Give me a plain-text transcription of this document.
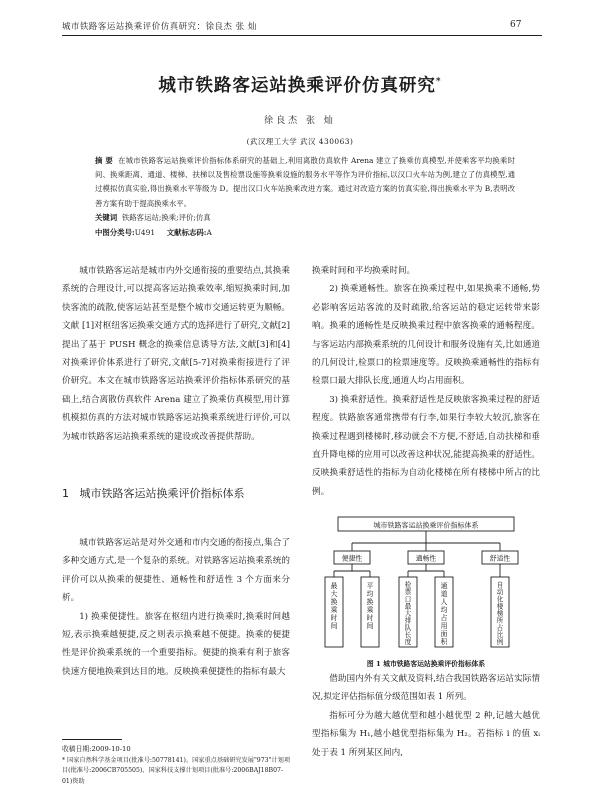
城市铁路客运站换乘评价仿真研究：徐良杰 张 灿	67
城市铁路客运站换乘评价仿真研究*
徐良杰 张 灿
(武汉理工大学 武汉 430063)
摘 要 在城市铁路客运站换乘评价指标体系研究的基础上,利用离散仿真软件 Arena 建立了换乘仿真模型,并使乘客平均换乘时间、换乘距离、通道、楼梯、扶梯以及售检票设施等换乘设施的服务水平等作为评价指标,以汉口火车站为例,建立了仿真模型,通过模拟仿真实验,得出换乘水平等级为 D。提出汉口火车站换乘改进方案。通过对改造方案的仿真实验,得出换乘水平为 B,表明改善方案有助于提高换乘水平。
关键词 铁路客运站;换乘;评价;仿真
中图分类号:U491 文献标志码:A

城市铁路客运站是城市内外交通衔接的重要结点,其换乘系统的合理设计,可以提高客运站换乘效率,缩短换乘时间,加快客流的疏散,使客运站甚至是整个城市交通运转更为顺畅。文献 [1]对枢纽客运换乘交通方式的选择进行了研究,文献[2]提出了基于 PUSH 概念的换乘信息诱导方法,文献[3]和[4]对换乘评价体系进行了研究,文献[5-7]对换乘衔接进行了评价研究。本文在城市铁路客运站换乘评价指标体系研究的基础上,结合离散仿真软件 Arena 建立了换乘仿真模型,用计算机模拟仿真的方法对城市铁路客运站换乘系统进行评价,可以为城市铁路客运站换乘系统的建设或改善提供帮助。

1 城市铁路客运站换乘评价指标体系

城市铁路客运站是对外交通和市内交通的衔接点,集合了多种交通方式,是一个复杂的系统。对铁路客运站换乘系统的评价可以从换乘的便捷性、通畅性和舒适性 3 个方面来分析。

1) 换乘便捷性。旅客在枢纽内进行换乘时,换乘时间越短,表示换乘越便捷,反之则表示换乘越不便捷。换乘的便捷性是评价换乘系统的一个重要指标。便捷的换乘有利于旅客快速方便地换乘到达目的地。反映换乘便捷性的指标有最大

收稿日期:2009-10-10
* 国家自然科学基金项目(批准号:50778141)、国家重点基础研究发展"973"计划项目(批准号:2006CB705505)、国家科技支撑计划项目(批准号:2006BAJ18B07-01)资助

换乘时间和平均换乘时间。

2) 换乘通畅性。旅客在换乘过程中,如果换乘不通畅,势必影响客运站客流的及时疏散,给客运站的稳定运转带来影响。换乘的通畅性是反映换乘过程中旅客换乘的通畅程度。与客运站内部换乘系统的几何设计和服务设施有关,比如通道的几何设计,检票口的检票速度等。反映换乘通畅性的指标有检票口最大排队长度,通道人均占用面积。

3) 换乘舒适性。换乘舒适性是反映旅客换乘过程的舒适程度。铁路旅客通常携带有行李,如果行李较大较沉,旅客在换乘过程遇到楼梯时,移动就会不方便,不舒适,自动扶梯和垂直升降电梯的应用可以改善这种状况,能提高换乘的舒适性。反映换乘舒适性的指标为自动化楼梯在所有楼梯中所占的比例。

城市铁路客运站换乘评价指标体系
便捷性	通畅性	舒适性
最大换乘时间
平均换乘时间
检票口最大排队长度
通道人均占用面积
自动化楼梯所占比例
图 1 城市铁路客运站换乘评价指标体系

借助国内外有关文献及资料,结合我国铁路客运站实际情况,拟定评估指标值分级范围如表 1 所列。

指标可分为越大越优型和越小越优型 2 种,记越大越优型指标集为 H₁,越小越优型指标集为 H₂。若指标 i 的值 xᵢ 处于表 1 所列某区间内,
